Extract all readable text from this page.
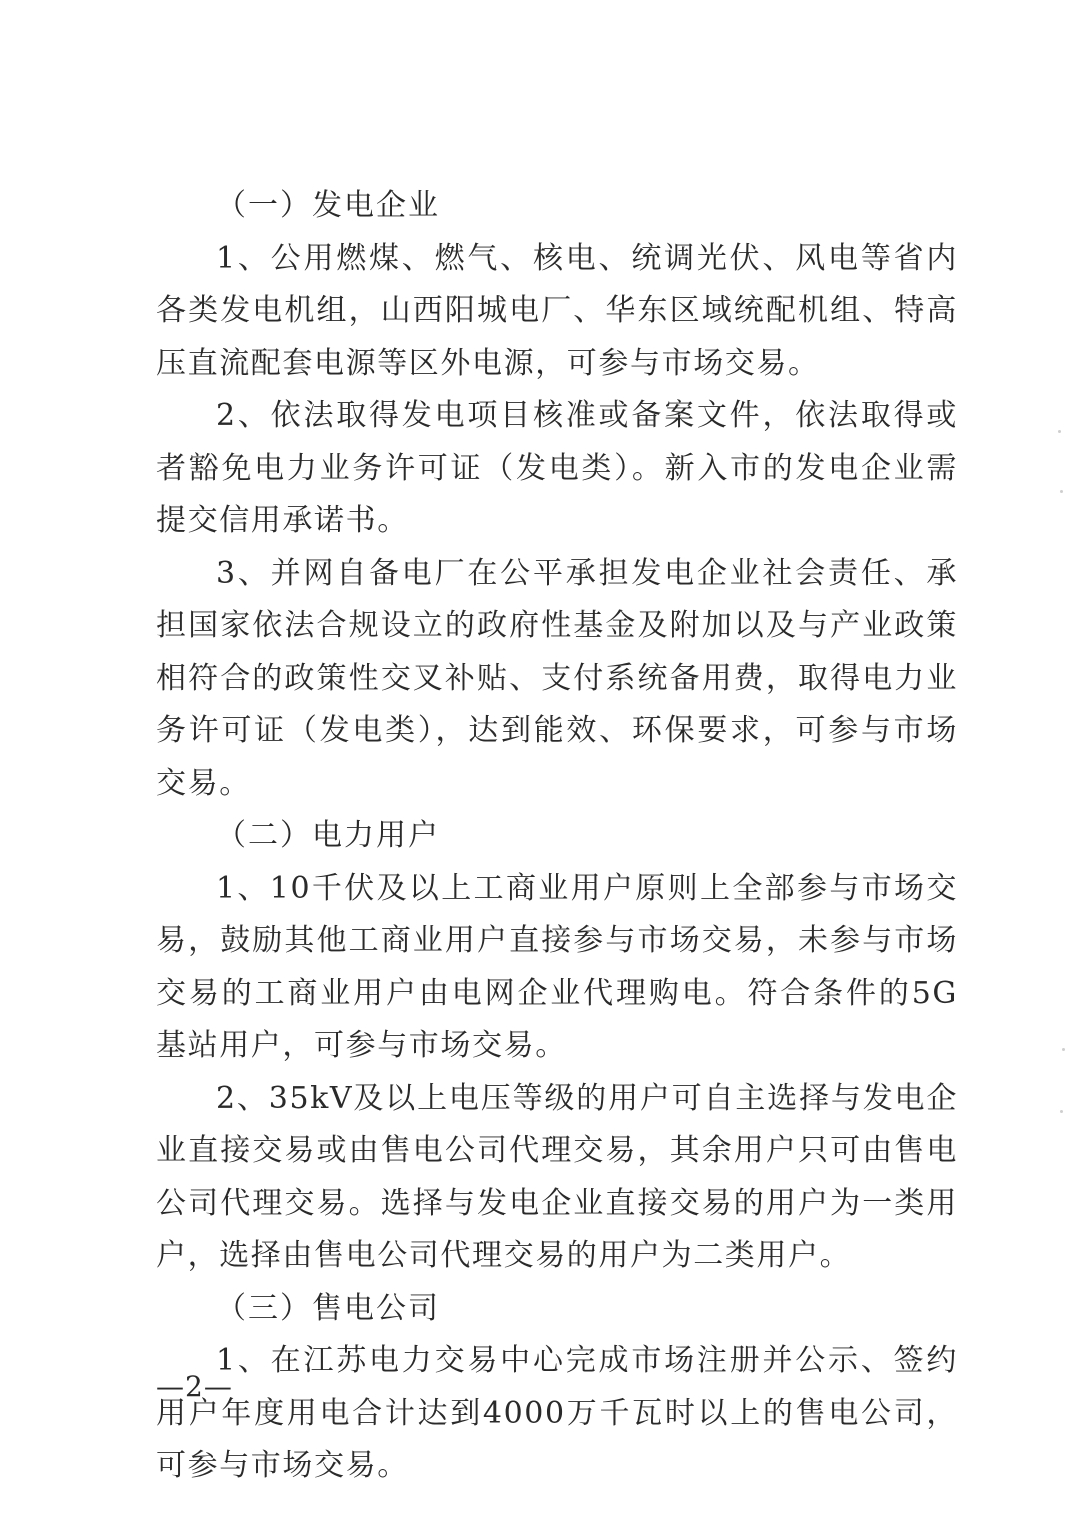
（一）发电企业

1、公用燃煤、燃气、核电、统调光伏、风电等省内各类发电机组，山西阳城电厂、华东区域统配机组、特高压直流配套电源等区外电源，可参与市场交易。

2、依法取得发电项目核准或备案文件，依法取得或者豁免电力业务许可证（发电类）。新入市的发电企业需提交信用承诺书。

3、并网自备电厂在公平承担发电企业社会责任、承担国家依法合规设立的政府性基金及附加以及与产业政策相符合的政策性交叉补贴、支付系统备用费，取得电力业务许可证（发电类），达到能效、环保要求，可参与市场交易。

（二）电力用户

1、10千伏及以上工商业用户原则上全部参与市场交易，鼓励其他工商业用户直接参与市场交易，未参与市场交易的工商业用户由电网企业代理购电。符合条件的5G基站用户，可参与市场交易。

2、35kV及以上电压等级的用户可自主选择与发电企业直接交易或由售电公司代理交易，其余用户只可由售电公司代理交易。选择与发电企业直接交易的用户为一类用户，选择由售电公司代理交易的用户为二类用户。

（三）售电公司

1、在江苏电力交易中心完成市场注册并公示、签约用户年度用电合计达到4000万千瓦时以上的售电公司，可参与市场交易。

—2—
